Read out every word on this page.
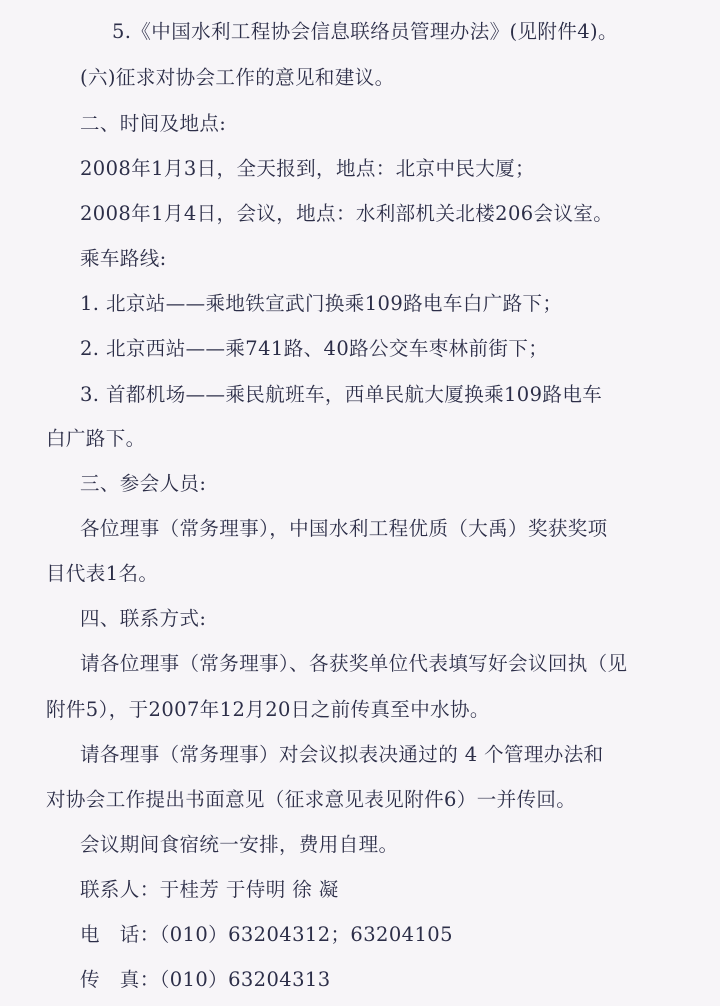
5.《中国水利工程协会信息联络员管理办法》(见附件4)。
(六)征求对协会工作的意见和建议。
二、时间及地点:
2008年1月3日，全天报到，地点：北京中民大厦；
2008年1月4日，会议，地点：水利部机关北楼206会议室。
乘车路线:
1. 北京站——乘地铁宣武门换乘109路电车白广路下；
2. 北京西站——乘741路、40路公交车枣林前街下；
3. 首都机场——乘民航班车，西单民航大厦换乘109路电车
白广路下。
三、参会人员:
各位理事（常务理事），中国水利工程优质（大禹）奖获奖项
目代表1名。
四、联系方式:
请各位理事（常务理事）、各获奖单位代表填写好会议回执（见
附件5），于2007年12月20日之前传真至中水协。
请各理事（常务理事）对会议拟表决通过的 4 个管理办法和
对协会工作提出书面意见（征求意见表见附件6）一并传回。
会议期间食宿统一安排，费用自理。
联系人：于桂芳 于侍明 徐 凝
电　话：（010）63204312；63204105
传　真：（010）63204313
